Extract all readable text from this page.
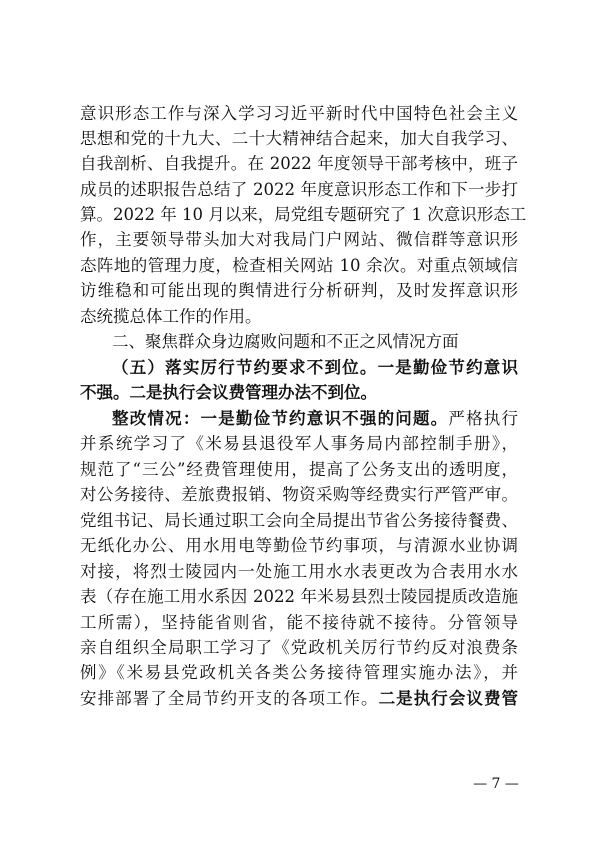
意识形态工作与深入学习习近平新时代中国特色社会主义
思想和党的十九大、二十大精神结合起来，加大自我学习、
自我剖析、自我提升。在 2022 年度领导干部考核中，班子
成员的述职报告总结了 2022 年度意识形态工作和下一步打
算。2022 年 10 月以来，局党组专题研究了 1 次意识形态工
作，主要领导带头加大对我局门户网站、微信群等意识形
态阵地的管理力度，检查相关网站 10 余次。对重点领域信
访维稳和可能出现的舆情进行分析研判，及时发挥意识形
态统揽总体工作的作用。
二、聚焦群众身边腐败问题和不正之风情况方面
（五）落实厉行节约要求不到位。一是勤俭节约意识
不强。二是执行会议费管理办法不到位。
整改情况：一是勤俭节约意识不强的问题。严格执行
并系统学习了《米易县退役军人事务局内部控制手册》，
规范了“三公”经费管理使用，提高了公务支出的透明度，
对公务接待、差旅费报销、物资采购等经费实行严管严审。
党组书记、局长通过职工会向全局提出节省公务接待餐费、
无纸化办公、用水用电等勤俭节约事项，与清源水业协调
对接，将烈士陵园内一处施工用水水表更改为合表用水水
表（存在施工用水系因 2022 年米易县烈士陵园提质改造施
工所需），坚持能省则省，能不接待就不接待。分管领导
亲自组织全局职工学习了《党政机关厉行节约反对浪费条
例》《米易县党政机关各类公务接待管理实施办法》，并
安排部署了全局节约开支的各项工作。二是执行会议费管
— 7 —
